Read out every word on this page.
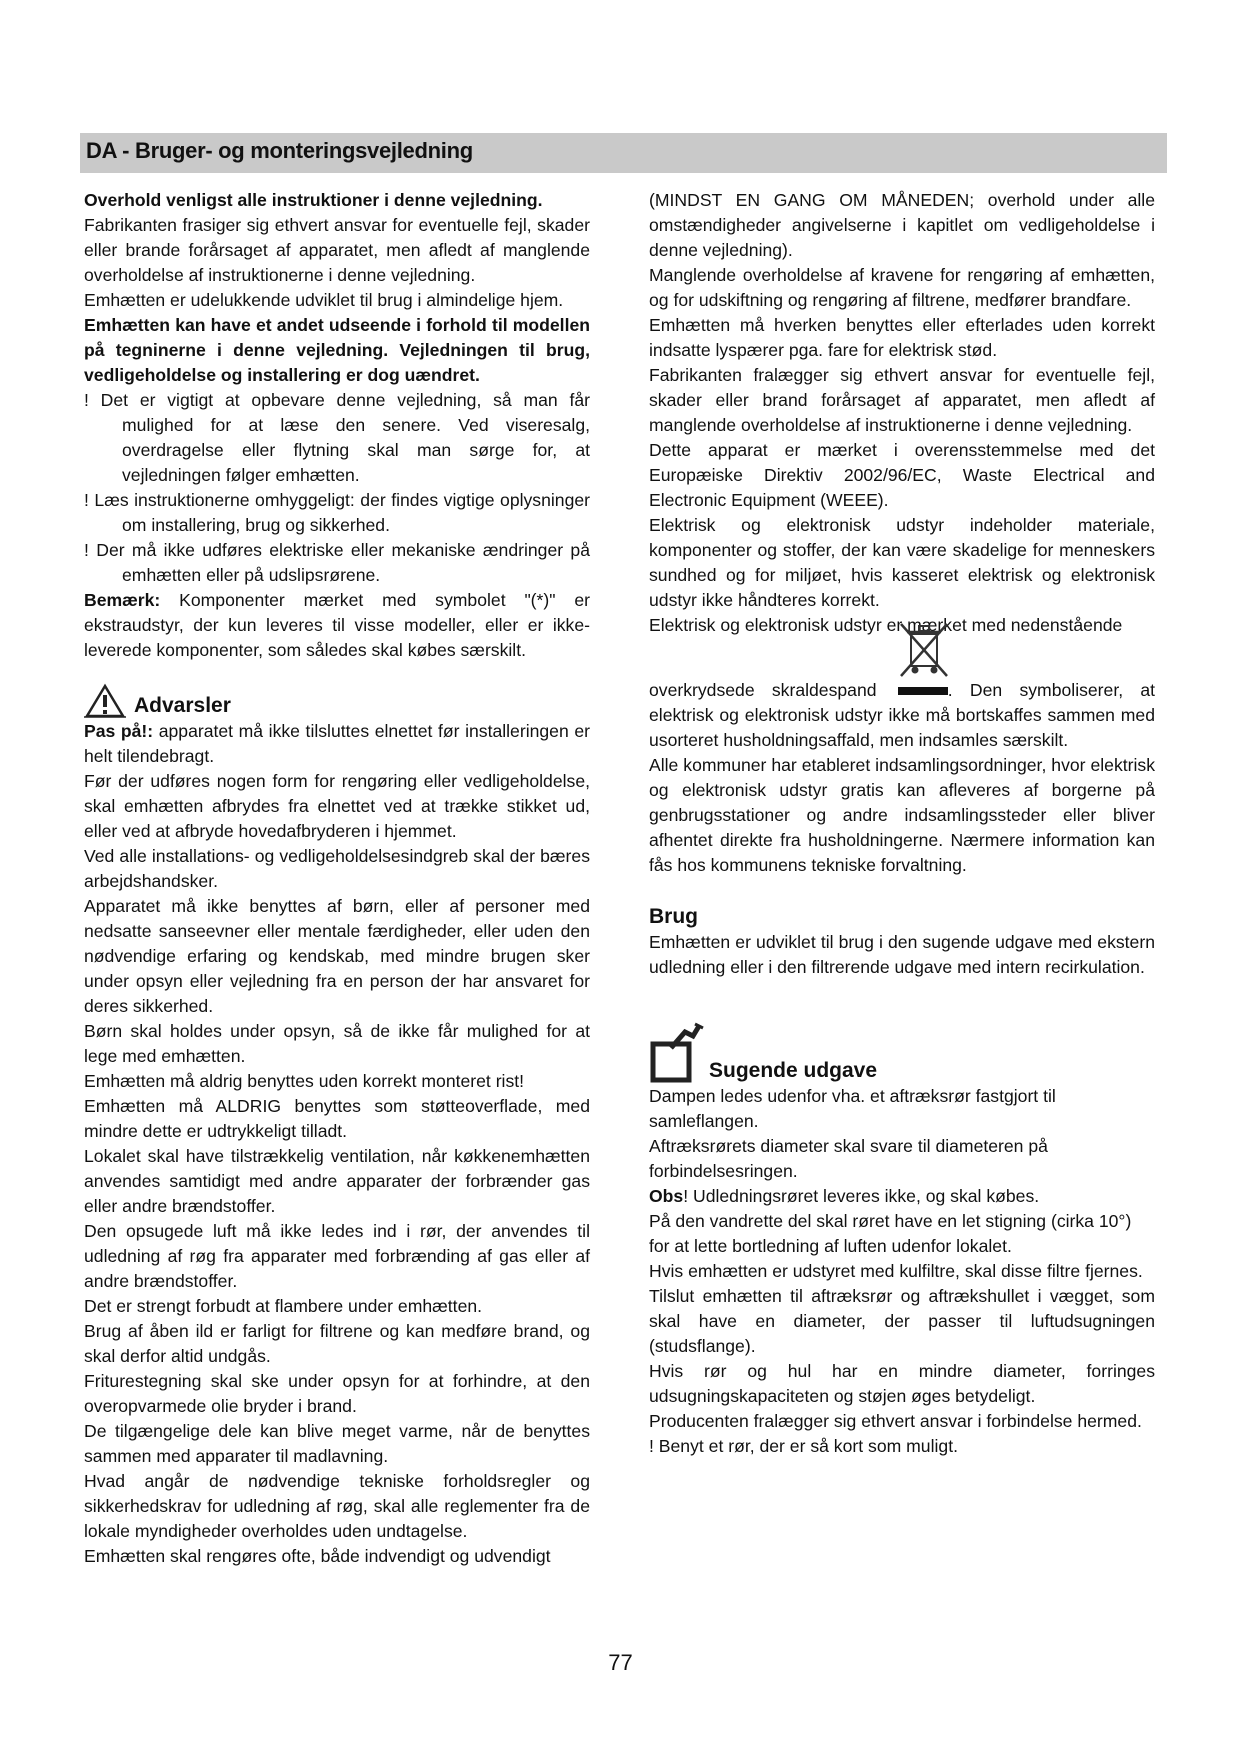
DA - Bruger- og monteringsvejledning

Overhold venligst alle instruktioner i denne vejledning.

Fabrikanten frasiger sig ethvert ansvar for eventuelle fejl, skader eller brande forårsaget af apparatet, men afledt af manglende overholdelse af instruktionerne i denne vejledning.

Emhætten er udelukkende udviklet til brug i almindelige hjem.

Emhætten kan have et andet udseende i forhold til modellen på tegninerne i denne vejledning. Vejledningen til brug, vedligeholdelse og installering er dog uændret.

! Det er vigtigt at opbevare denne vejledning, så man får mulighed for at læse den senere. Ved viseresalg, overdragelse eller flytning skal man sørge for, at vejledningen følger emhætten.

! Læs instruktionerne omhyggeligt: der findes vigtige oplysninger om installering, brug og sikkerhed.

! Der må ikke udføres elektriske eller mekaniske ændringer på emhætten eller på udslipsrørene.

Bemærk: Komponenter mærket med symbolet "(*)" er ekstraudstyr, der kun leveres til visse modeller, eller er ikke-leverede komponenter, som således skal købes særskilt.

Advarsler

Pas på!: apparatet må ikke tilsluttes elnettet før installeringen er helt tilendebragt.

Før der udføres nogen form for rengøring eller vedligeholdelse, skal emhætten afbrydes fra elnettet ved at trække stikket ud, eller ved at afbryde hovedafbryderen i hjemmet.

Ved alle installations- og vedligeholdelsesindgreb skal der bæres arbejdshandsker.

Apparatet må ikke benyttes af børn, eller af personer med nedsatte sanseevner eller mentale færdigheder, eller uden den nødvendige erfaring og kendskab, med mindre brugen sker under opsyn eller vejledning fra en person der har ansvaret for deres sikkerhed.

Børn skal holdes under opsyn, så de ikke får mulighed for at lege med emhætten.

Emhætten må aldrig benyttes uden korrekt monteret rist!

Emhætten må ALDRIG benyttes som støtteoverflade, med mindre dette er udtrykkeligt tilladt.

Lokalet skal have tilstrækkelig ventilation, når køkkenemhætten anvendes samtidigt med andre apparater der forbrænder gas eller andre brændstoffer.

Den opsugede luft må ikke ledes ind i rør, der anvendes til udledning af røg fra apparater med forbrænding af gas eller af andre brændstoffer.

Det er strengt forbudt at flambere under emhætten.

Brug af åben ild er farligt for filtrene og kan medføre brand, og skal derfor altid undgås.

Friturestegning skal ske under opsyn for at forhindre, at den overopvarmede olie bryder i brand.

De tilgængelige dele kan blive meget varme, når de benyttes sammen med apparater til madlavning.

Hvad angår de nødvendige tekniske forholdsregler og sikkerhedskrav for udledning af røg, skal alle reglementer fra de lokale myndigheder overholdes uden undtagelse.

Emhætten skal rengøres ofte, både indvendigt og udvendigt

(MINDST EN GANG OM MÅNEDEN; overhold under alle omstændigheder angivelserne i kapitlet om vedligeholdelse i denne vejledning).

Manglende overholdelse af kravene for rengøring af emhætten, og for udskiftning og rengøring af filtrene, medfører brandfare.

Emhætten må hverken benyttes eller efterlades uden korrekt indsatte lyspærer pga. fare for elektrisk stød.

Fabrikanten fralægger sig ethvert ansvar for eventuelle fejl, skader eller brand forårsaget af apparatet, men afledt af manglende overholdelse af instruktionerne i denne vejledning.

Dette apparat er mærket i overensstemmelse med det Europæiske Direktiv 2002/96/EC, Waste Electrical and Electronic Equipment (WEEE).

Elektrisk og elektronisk udstyr indeholder materiale, komponenter og stoffer, der kan være skadelige for menneskers sundhed og for miljøet, hvis kasseret elektrisk og elektronisk udstyr ikke håndteres korrekt.

Elektrisk og elektronisk udstyr er mærket med nedenstående

overkrydsede skraldespand	. Den symboliserer, at elektrisk og elektronisk udstyr ikke må bortskaffes sammen med usorteret husholdningsaffald, men indsamles særskilt.

Alle kommuner har etableret indsamlingsordninger, hvor elektrisk og elektronisk udstyr gratis kan afleveres af borgerne på genbrugsstationer og andre indsamlingssteder eller bliver afhentet direkte fra husholdningerne. Nærmere information kan fås hos kommunens tekniske forvaltning.

Brug

Emhætten er udviklet til brug i den sugende udgave med ekstern udledning eller i den filtrerende udgave med intern recirkulation.

Sugende udgave

Dampen ledes udenfor vha. et aftræksrør fastgjort til samleflangen.

Aftræksrørets diameter skal svare til diameteren på forbindelsesringen.

Obs! Udledningsrøret leveres ikke, og skal købes.

På den vandrette del skal røret have en let stigning (cirka 10°) for at lette bortledning af luften udenfor lokalet.

Hvis emhætten er udstyret med kulfiltre, skal disse filtre fjernes.

Tilslut emhætten til aftræksrør og aftrækshullet i vægget, som skal have en diameter, der passer til luftudsugningen (studsflange).

Hvis rør og hul har en mindre diameter, forringes udsugningskapaciteten og støjen øges betydeligt.

Producenten fralægger sig ethvert ansvar i forbindelse hermed.

! Benyt et rør, der er så kort som muligt.

77
